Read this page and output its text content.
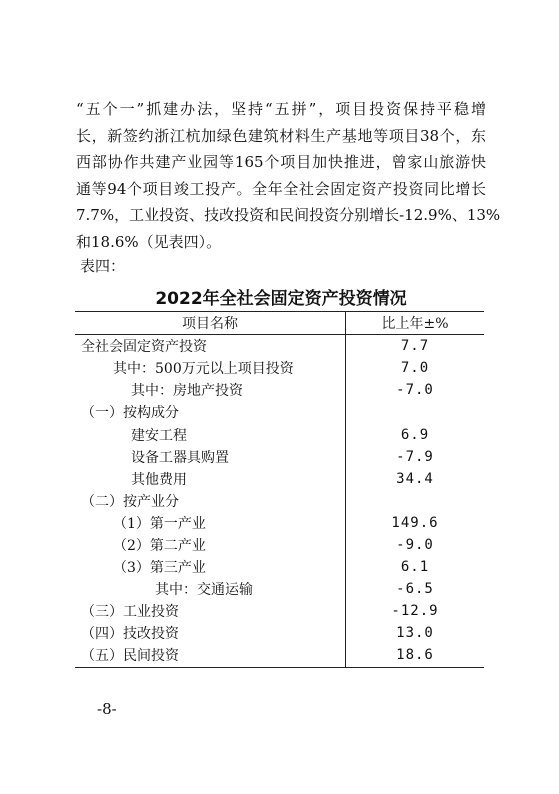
“五个一”抓建办法，坚持“五拼”，项目投资保持平稳增
长，新签约浙江杭加绿色建筑材料生产基地等项目38个，东
西部协作共建产业园等165个项目加快推进，曾家山旅游快
通等94个项目竣工投产。全年全社会固定资产投资同比增长
7.7%，工业投资、技改投资和民间投资分别增长-12.9%、13%
和18.6%（见表四）。
表四：
2022年全社会固定资产投资情况
项目名称	比上年±%
全社会固定资产投资	7.7
其中：500万元以上项目投资	7.0
其中：房地产投资	-7.0
（一）按构成分
建安工程	6.9
设备工器具购置	-7.9
其他费用	34.4
（二）按产业分
（1）第一产业	149.6
（2）第二产业	-9.0
（3）第三产业	6.1
其中：交通运输	-6.5
（三）工业投资	-12.9
（四）技改投资	13.0
（五）民间投资	18.6
-8-
